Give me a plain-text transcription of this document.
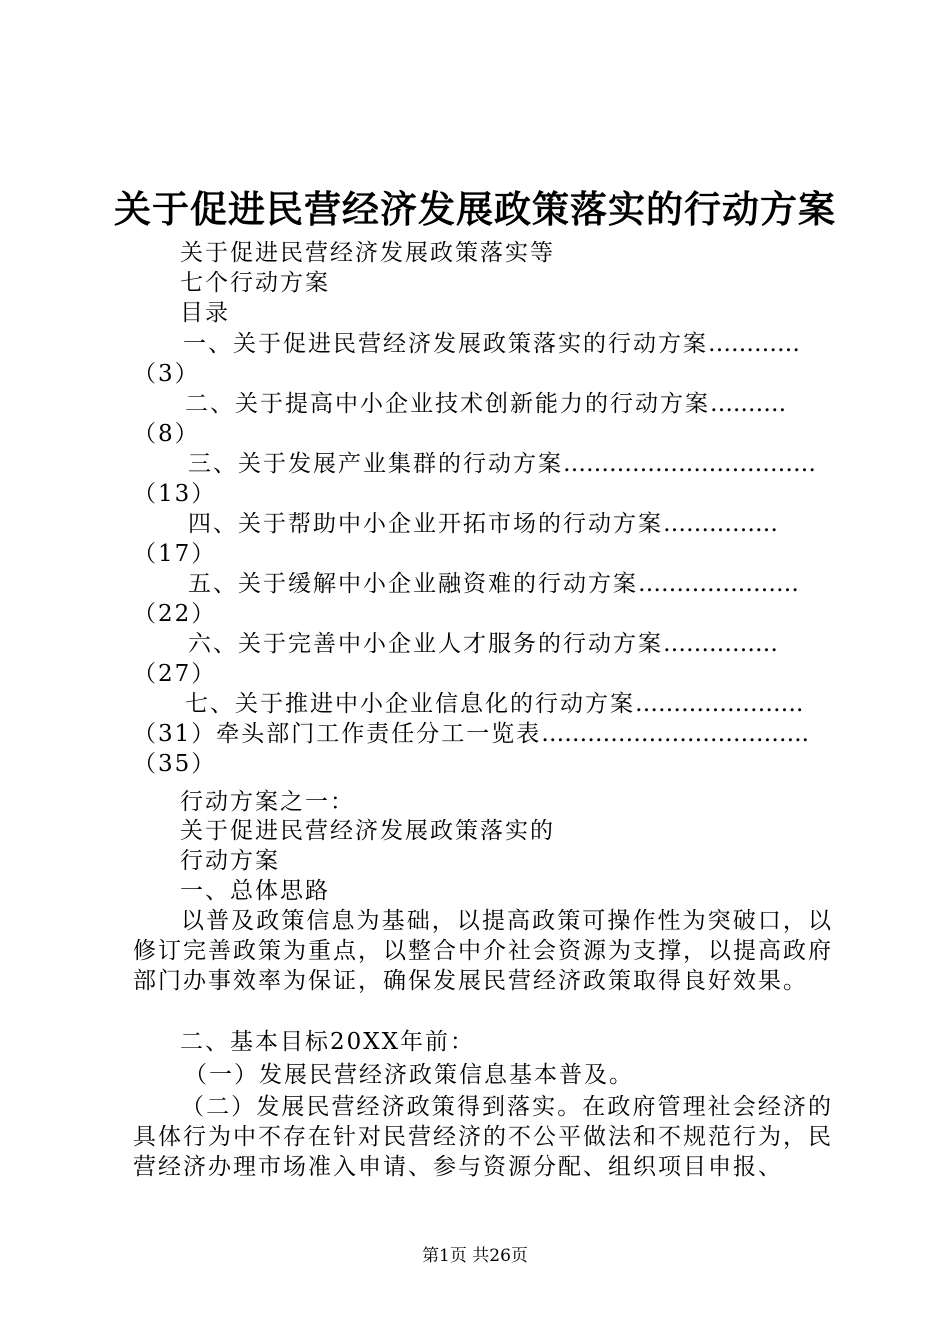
关于促进民营经济发展政策落实的行动方案
关于促进民营经济发展政策落实等
七个行动方案
目录
一、关于促进民营经济发展政策落实的行动方案 …………
（3）
二、关于提高中小企业技术创新能力的行动方案 ….……
（8）
三、关于发展产业集群的行动方案 ……………………………
（13）
四、关于帮助中小企业开拓市场的行动方案 ……………
（17）
五、关于缓解中小企业融资难的行动方案 …………………
（22）
六、关于完善中小企业人才服务的行动方案 ……………
（27）
七、关于推进中小企业信息化的行动方案 ………………….
（31）牵头部门工作责任分工一览表 ……………………………..
（35）
行动方案之一：
关于促进民营经济发展政策落实的
行动方案
一、总体思路
以普及政策信息为基础，以提高政策可操作性为突破口，以修订完善政策为重点，以整合中介社会资源为支撑，以提高政府部门办事效率为保证，确保发展民营经济政策取得良好效果。
二、基本目标20XX年前：
（一）发展民营经济政策信息基本普及。
（二）发展民营经济政策得到落实。在政府管理社会经济的具体行为中不存在针对民营经济的不公平做法和不规范行为，民营经济办理市场准入申请、参与资源分配、组织项目申报、
第1页 共26页
